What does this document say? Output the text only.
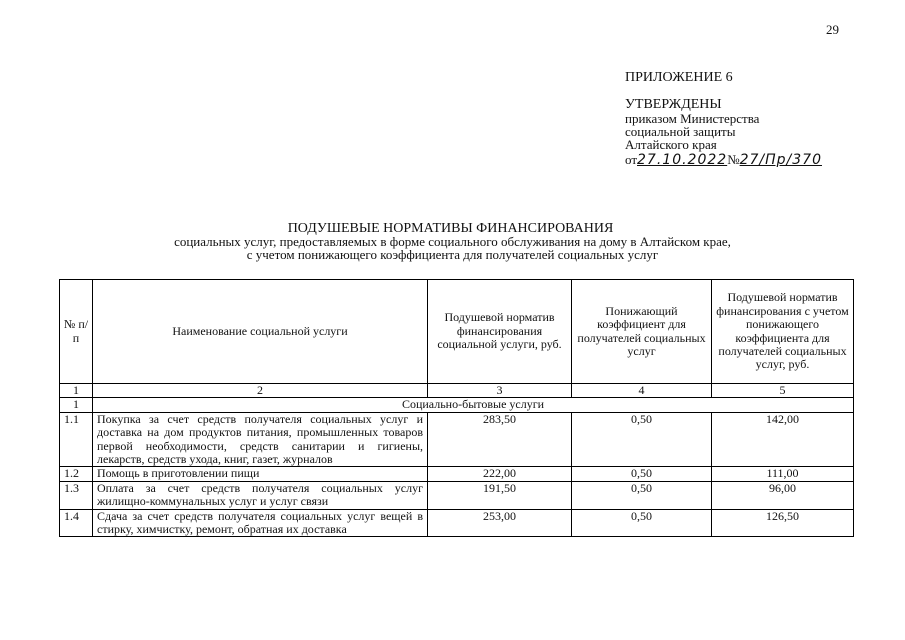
29
ПРИЛОЖЕНИЕ 6
УТВЕРЖДЕНЫ
приказом Министерства
социальной защиты
Алтайского края
от27.10.2022№27/Пр/370
ПОДУШЕВЫЕ НОРМАТИВЫ ФИНАНСИРОВАНИЯ
социальных услуг, предоставляемых в форме социального обслуживания на дому в Алтайском крае,
с учетом понижающего коэффициента для получателей социальных услуг
№ п/п	Наименование социальной услуги	Подушевой норматив финансирования социальной услуги, руб.	Понижающий коэффициент для получателей социальных услуг	Подушевой норматив финансирования с учетом понижающего коэффициента для получателей социальных услуг, руб.
1	2	3	4	5
1	Социально-бытовые услуги			
1.1	Покупка за счет средств получателя социальных услуг и доставка на дом продуктов питания, промышленных товаров первой необходимости, средств санитарии и гигиены, лекарств, средств ухода, книг, газет, журналов	283,50	0,50	142,00
1.2	Помощь в приготовлении пищи	222,00	0,50	111,00
1.3	Оплата за счет средств получателя социальных услуг жилищно-коммунальных услуг и услуг связи	191,50	0,50	96,00
1.4	Сдача за счет средств получателя социальных услуг вещей в стирку, химчистку, ремонт, обратная их доставка	253,00	0,50	126,50
